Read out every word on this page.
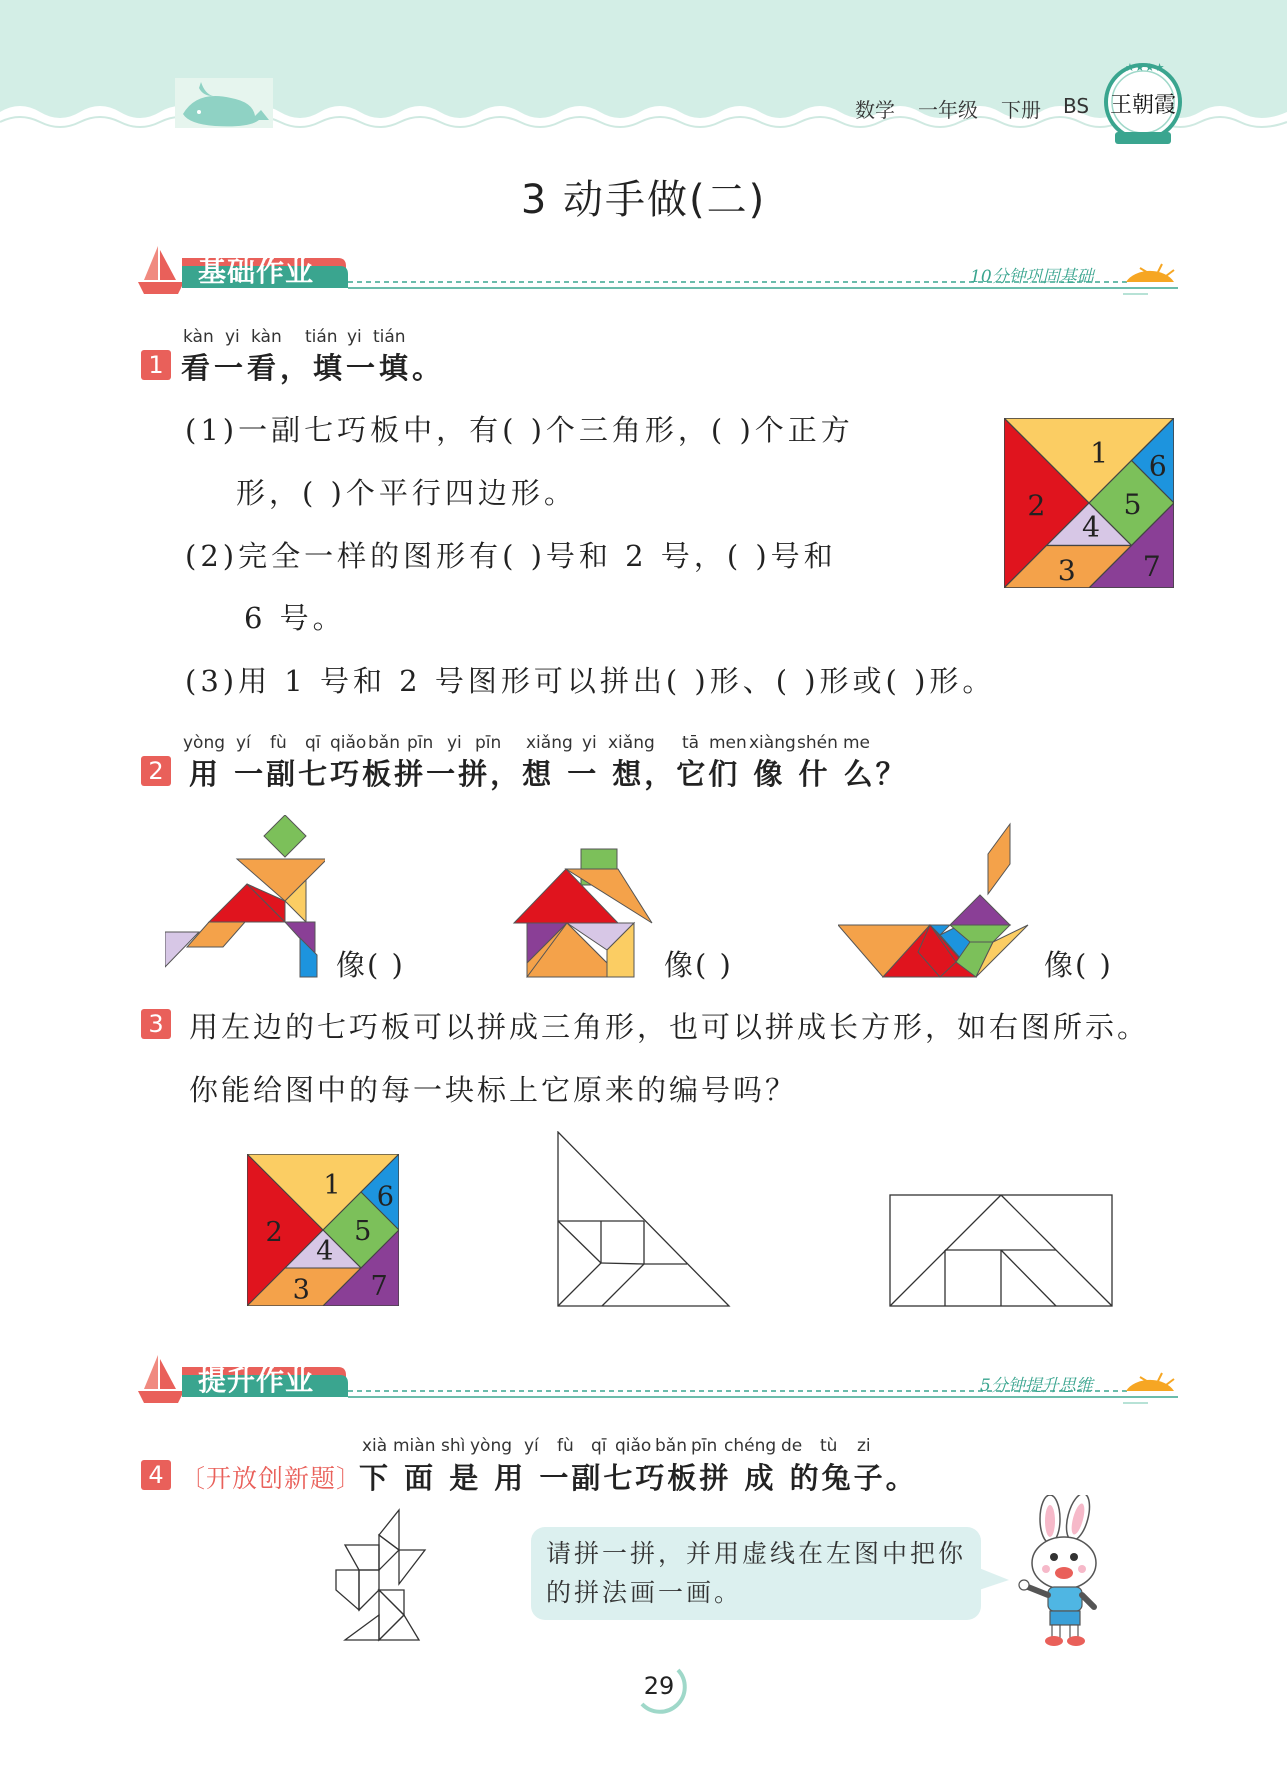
数学 一年级 下册 BS
★★★★
王朝霞
3 动手做(二)
基础作业	10分钟巩固基础
kàn yi kàn tián yi tián
1 看一看，填一填。
(1)一副七巧板中，有( )个三角形，( )个正方
形，( )个平行四边形。
(2)完全一样的图形有( )号和 2 号，( )号和
6 号。
(3)用 1 号和 2 号图形可以拼出( )形、( )形或( )形。
1
2
3
4
5
6
7
yòng yí fù qī qiǎo bǎn pīn yi pīn xiǎng yi xiǎng tā men xiàng shén me
2 用 一副七巧板拼一拼，想 一 想，它们 像 什 么？
像( )	像( )	像( )
3 用左边的七巧板可以拼成三角形，也可以拼成长方形，如右图所示。
你能给图中的每一块标上它原来的编号吗？
1
2
3
4
5
6
7
提升作业	5分钟提升思维
xià miàn shì yòng yí fù qī qiǎo bǎn pīn chéng de tù zi
4 〔开放创新题〕
下 面 是 用 一副七巧板拼 成 的兔子。
请拼一拼，并用虚线在左图中把你
的拼法画一画。
29
